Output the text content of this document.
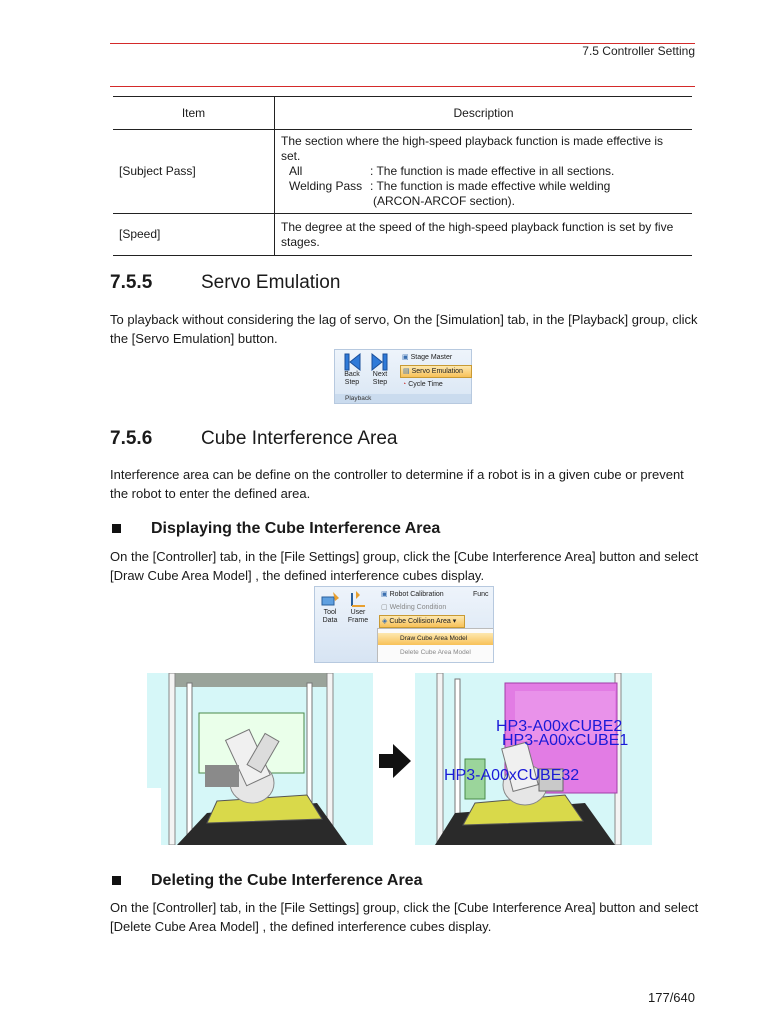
7.5 Controller Setting
Item	Description
[Subject Pass]	The section where the high-speed playback function is made effective is set.
All : The function is made effective in all sections.
Welding Pass : The function is made effective while welding
(ARCON-ARCOF section).

[Speed]	The degree at the speed of the high-speed playback function is set by five stages.
7.5.5	Servo Emulation
To playback without considering the lag of servo, On the [Simulation] tab, in the [Playback] group, click the [Servo Emulation] button.
Back
Step
Next
Step
▣ Stage Master
▤ Servo Emulation
◔ Cycle Time
Playback
7.5.6	Cube Interference Area
Interference area can be define on the controller to determine if a robot is in a given cube or prevent the robot to enter the defined area.
Displaying the Cube Interference Area
On the [Controller] tab, in the [File Settings] group, click the [Cube Interference Area] button and select [Draw Cube Area Model] , the defined interference cubes display.
Tool
Data
User
Frame
▣ Robot Calibration	Func
▢ Welding Condition
◈ Cube Collision Area ▾
Draw Cube Area Model
Delete Cube Area Model
HP3-A00xCUBE2
HP3-A00xCUBE1
HP3-A00xCUBE32
Deleting the Cube Interference Area
On the [Controller] tab, in the [File Settings] group, click the [Cube Interference Area] button and select [Delete Cube Area Model] , the defined interference cubes display.
177/640
